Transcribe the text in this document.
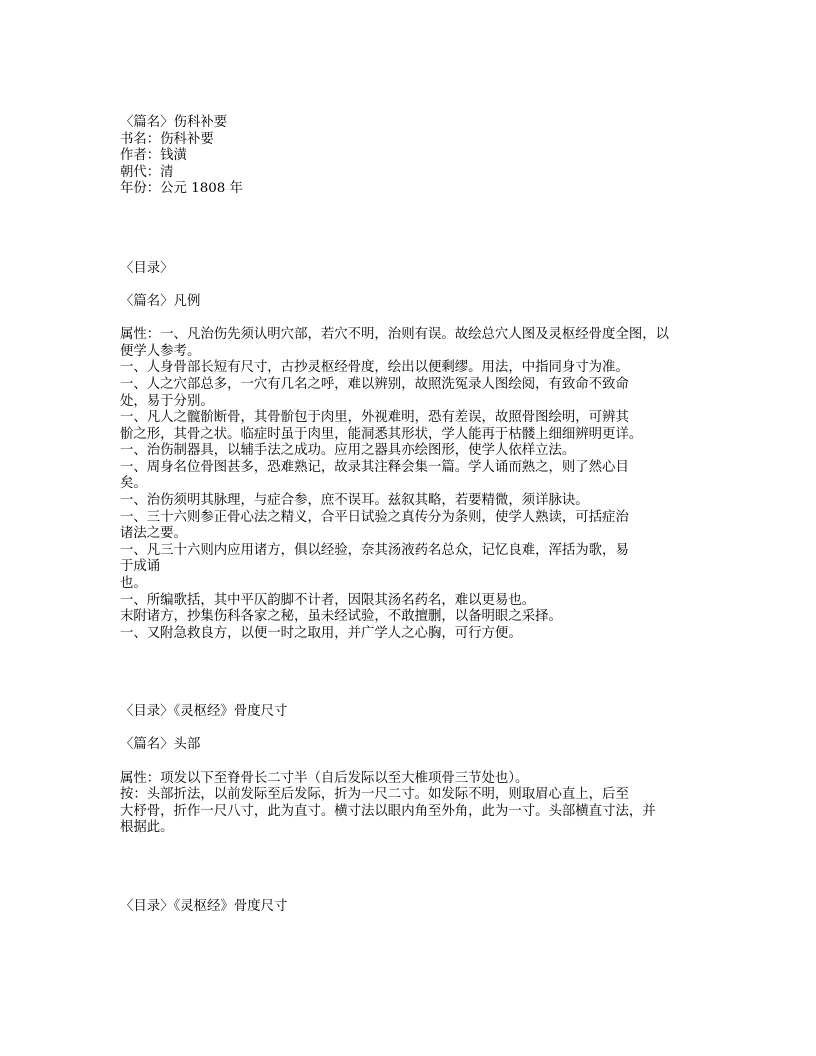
〈篇名〉伤科补要
书名：伤科补要
作者：钱潢
朝代：清
年份：公元 1808 年
〈目录〉
〈篇名〉凡例
属性：一、凡治伤先须认明穴部，若穴不明，治则有误。故绘总穴人图及灵枢经骨度全图，以
便学人参考。
一、人身骨部长短有尺寸，古抄灵枢经骨度，绘出以便剩缪。用法，中指同身寸为准。
一、人之穴部总多，一穴有几名之呼，难以辨别，故照洗冤录人图绘阅，有致命不致命
处，易于分别。
一、凡人之髋骱断骨，其骨骱包于肉里，外视难明，恐有差误，故照骨图绘明，可辨其
骱之形，其骨之状。临症时虽于肉里，能洞悉其形状，学人能再于枯髅上细细辨明更详。
一、治伤制器具，以辅手法之成功。应用之器具亦绘图形，使学人依样立法。
一、周身名位骨图甚多，恐难熟记，故录其注释会集一篇。学人诵而熟之，则了然心目
矣。
一、治伤须明其脉理，与症合参，庶不误耳。兹叙其略，若要精微，须详脉诀。
一、三十六则参正骨心法之精义，合平日试验之真传分为条则，使学人熟读，可括症治
诸法之要。
一、凡三十六则内应用诸方，俱以经验，奈其汤液药名总众，记忆良难，浑括为歌，易
于成诵
也。
一、所编歌括，其中平仄韵脚不计者，因限其汤名药名，难以更易也。
末附诸方，抄集伤科各家之秘，虽未经试验，不敢擅删，以备明眼之采择。
一、又附急救良方，以便一时之取用，并广学人之心胸，可行方便。
〈目录〉《灵枢经》骨度尺寸
〈篇名〉头部
属性：项发以下至脊骨长二寸半（自后发际以至大椎项骨三节处也）。
按：头部折法，以前发际至后发际，折为一尺二寸。如发际不明，则取眉心直上，后至
大杼骨，折作一尺八寸，此为直寸。横寸法以眼内角至外角，此为一寸。头部横直寸法，并
根据此。
〈目录〉《灵枢经》骨度尺寸
